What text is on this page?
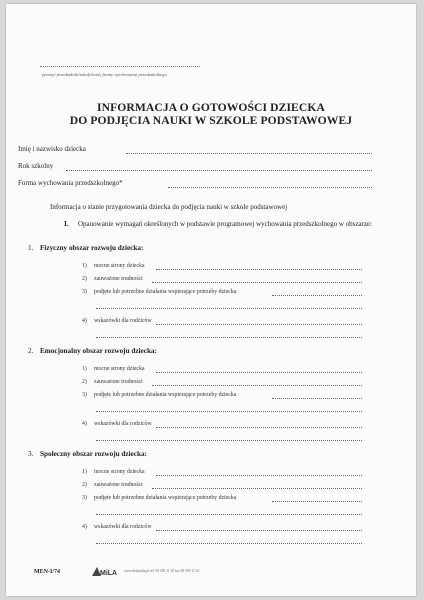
pieczęć przedszkola/szkoły/innej formy wychowania przedszkolnego
INFORMACJA O GOTOWOŚCI DZIECKA
DO PODJĘCIA NAUKI W SZKOLE PODSTAWOWEJ
Imię i nazwisko dziecka
Rok szkolny
Forma wychowania przedszkolnego*
Informacja o stanie przygotowania dziecka do podjęcia nauki w szkole podstawowej
I. Opanowanie wymagań określonych w podstawie programowej wychowania przedszkolnego w obszarze:
1. Fizyczny obszar rozwoju dziecka:
1) mocne strony dziecka
2) zauważone trudności
3) podjęte lub potrzebne działania wspierające potrzeby dziecka
4) wskazówki dla rodziców
2. Emocjonalny obszar rozwoju dziecka:
1) mocne strony dziecka
2) zauważone trudności
3) podjęte lub potrzebne działania wspierające potrzeby dziecka
4) wskazówki dla rodziców
3. Społeczny obszar rozwoju dziecka:
1) mocne strony dziecka
2) zauważone trudności
3) podjęte lub potrzebne działania wspierające potrzeby dziecka
4) wskazówki dla rodziców
MEN-I/74	MiLA www.drukmila.pl tel. 58 559 11 30 fax 58 559 11 35
